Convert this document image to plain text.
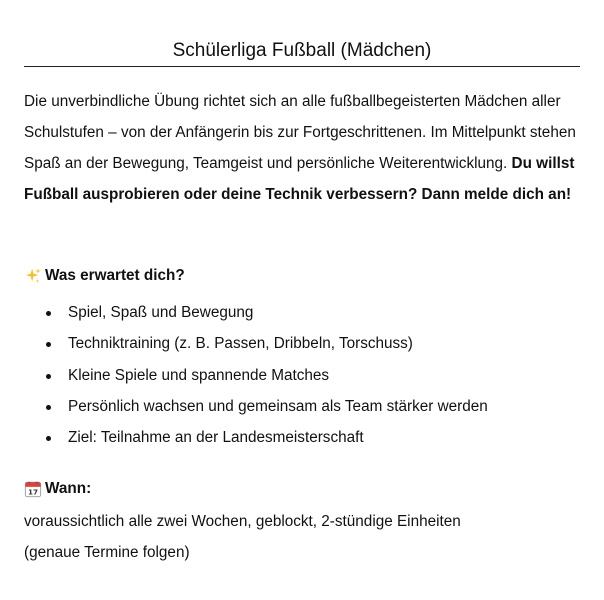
Schülerliga Fußball (Mädchen)

Die unverbindliche Übung richtet sich an alle fußballbegeisterten Mädchen aller Schulstufen – von der Anfängerin bis zur Fortgeschrittenen. Im Mittelpunkt stehen Spaß an der Bewegung, Teamgeist und persönliche Weiterentwicklung. Du willst Fußball ausprobieren oder deine Technik verbessern? Dann melde dich an!

Was erwartet dich?
Spiel, Spaß und Bewegung
Techniktraining (z. B. Passen, Dribbeln, Torschuss)
Kleine Spiele und spannende Matches
Persönlich wachsen und gemeinsam als Team stärker werden
Ziel: Teilnahme an der Landesmeisterschaft
17 Wann:

voraussichtlich alle zwei Wochen, geblockt, 2-stündige Einheiten
(genaue Termine folgen)
